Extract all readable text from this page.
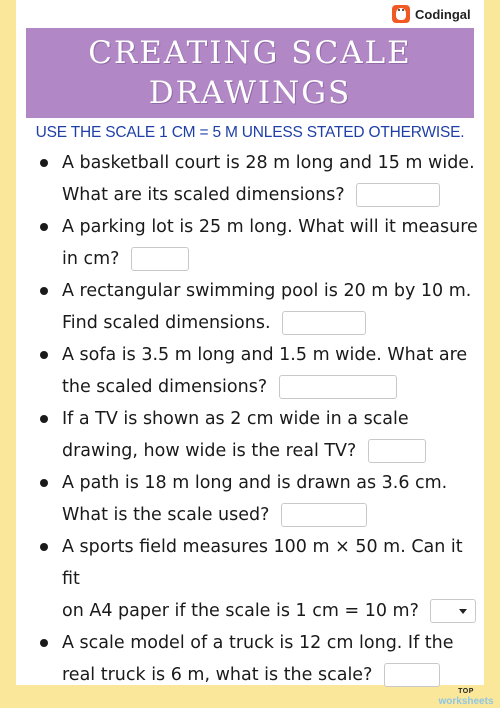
Codingal
CREATING SCALE
DRAWINGS
USE THE SCALE 1 CM = 5 M UNLESS STATED OTHERWISE.
A basketball court is 28 m long and 15 m wide.
What are its scaled dimensions?
A parking lot is 25 m long. What will it measure
in cm?
A rectangular swimming pool is 20 m by 10 m.
Find scaled dimensions.
A sofa is 3.5 m long and 1.5 m wide. What are
the scaled dimensions?
If a TV is shown as 2 cm wide in a scale
drawing, how wide is the real TV?
A path is 18 m long and is drawn as 3.6 cm.
What is the scale used?
A sports field measures 100 m × 50 m. Can it fit
on A4 paper if the scale is 1 cm = 10 m?
A scale model of a truck is 12 cm long. If the
real truck is 6 m, what is the scale?
TOP
worksheets
